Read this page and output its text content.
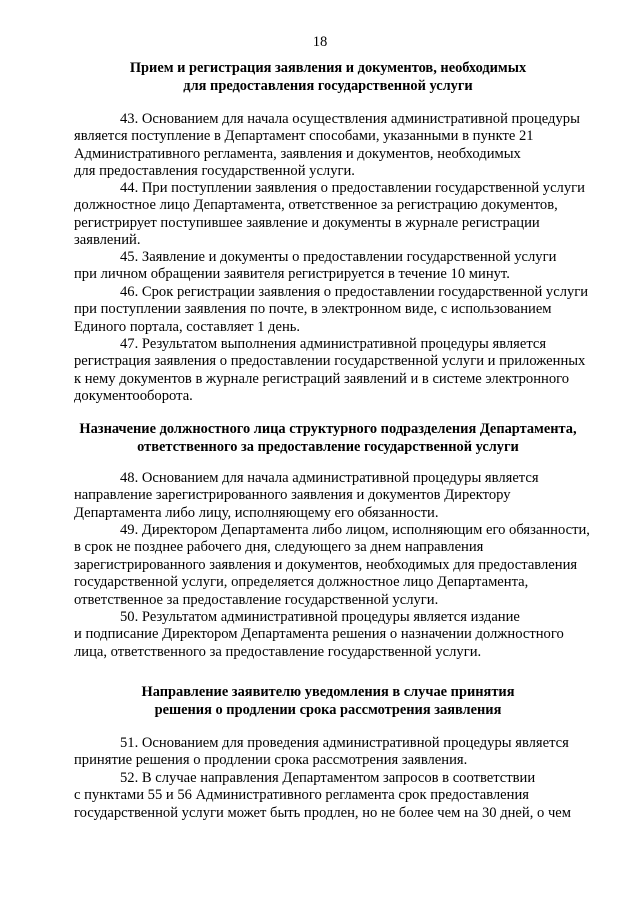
18
Прием и регистрация заявления и документов, необходимых
для предоставления государственной услуги
43. Основанием для начала осуществления административной процедуры
является поступление в Департамент способами, указанными в пункте 21
Административного регламента, заявления и документов, необходимых
для предоставления государственной услуги.
44. При поступлении заявления о предоставлении государственной услуги
должностное лицо Департамента, ответственное за регистрацию документов,
регистрирует поступившее заявление и документы в журнале регистрации
заявлений.
45. Заявление и документы о предоставлении государственной услуги
при личном обращении заявителя регистрируется в течение 10 минут.
46. Срок регистрации заявления о предоставлении государственной услуги
при поступлении заявления по почте, в электронном виде, с использованием
Единого портала, составляет 1 день.
47. Результатом выполнения административной процедуры является
регистрация заявления о предоставлении государственной услуги и приложенных
к нему документов в журнале регистраций заявлений и в системе электронного
документооборота.
Назначение должностного лица структурного подразделения Департамента,
ответственного за предоставление государственной услуги
48. Основанием для начала административной процедуры является
направление зарегистрированного заявления и документов Директору
Департамента либо лицу, исполняющему его обязанности.
49. Директором Департамента либо лицом, исполняющим его обязанности,
в срок не позднее рабочего дня, следующего за днем направления
зарегистрированного заявления и документов, необходимых для предоставления
государственной услуги, определяется должностное лицо Департамента,
ответственное за предоставление государственной услуги.
50. Результатом административной процедуры является издание
и подписание Директором Департамента решения о назначении должностного
лица, ответственного за предоставление государственной услуги.
Направление заявителю уведомления в случае принятия
решения о продлении срока рассмотрения заявления
51. Основанием для проведения административной процедуры является
принятие решения о продлении срока рассмотрения заявления.
52. В случае направления Департаментом запросов в соответствии
с пунктами 55 и 56 Административного регламента срок предоставления
государственной услуги может быть продлен, но не более чем на 30 дней, о чем
